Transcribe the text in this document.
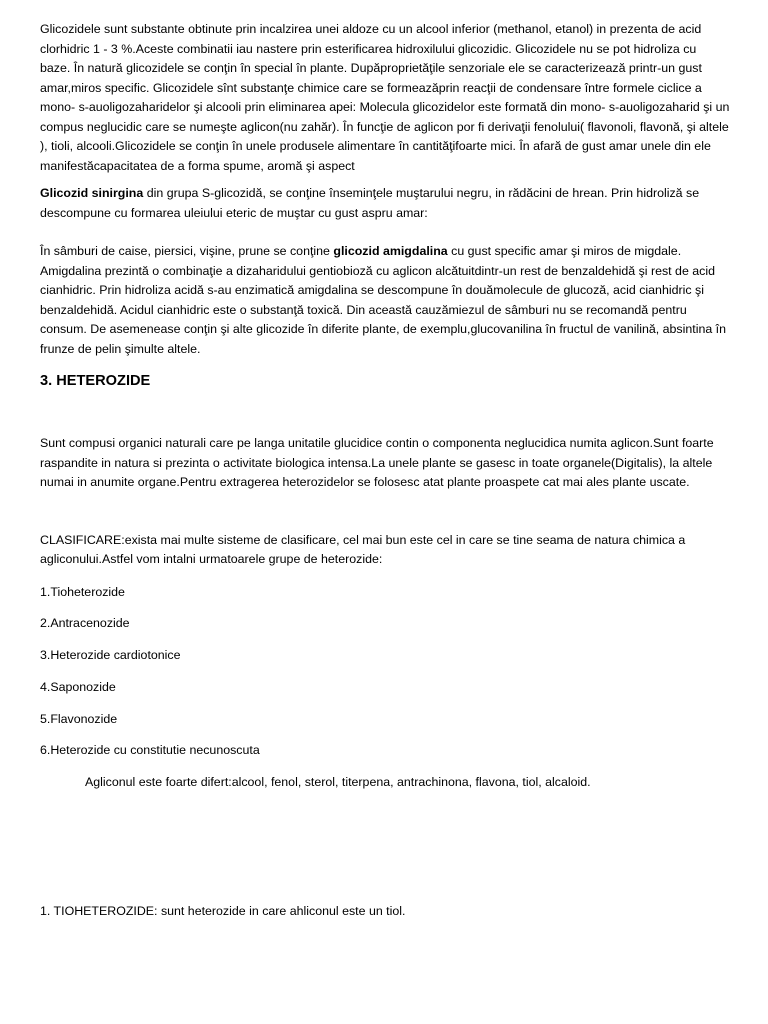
Glicozidele sunt substante obtinute prin incalzirea unei aldoze cu un alcool inferior (methanol, etanol) in prezenta de acid clorhidric 1 - 3 %.Aceste combinatii iau nastere prin esterificarea hidroxilului glicozidic. Glicozidele nu se pot hidroliza cu baze. În natură glicozidele se conţin în special în plante. Dupăproprietăţile senzoriale ele se caracterizează printr-un gust amar,miros specific. Glicozidele sînt substanţe chimice care se formeazăprin reacţii de condensare între formele ciclice a mono- s-auoligozaharidelor şi alcooli prin eliminarea apei: Molecula glicozidelor este formată din mono- s-auoligozaharid şi un compus neglucidic care se numeşte aglicon(nu zahăr). În funcţie de aglicon por fi derivaţii fenolului( flavonoli, flavonă, şi altele ), tioli, alcooli.Glicozidele se conţin în unele produsele alimentare în cantităţifoarte mici. În afară de gust amar unele din ele manifestăcapacitatea de a forma spume, aromă şi aspect

Glicozid sinirgina din grupa S-glicozidă, se conţine înseminţele muştarului negru, in rădăcini de hrean. Prin hidroliză se descompune cu formarea uleiului eteric de muştar cu gust aspru amar:

În sâmburi de caise, piersici, vişine, prune se conţine glicozid amigdalina cu gust specific amar şi miros de migdale. Amigdalina prezintă o combinaţie a dizaharidului gentiobioză cu aglicon alcătuitdintr-un rest de benzaldehidă şi rest de acid cianhidric. Prin hidroliza acidă s-au enzimatică amigdalina se descompune în douămolecule de glucoză, acid cianhidric şi benzaldehidă. Acidul cianhidric este o substanţă toxică. Din această cauzămiezul de sâmburi nu se recomandă pentru consum. De asemenease conţin şi alte glicozide în diferite plante, de exemplu,glucovanilina în fructul de vanilină, absintina în frunze de pelin şimulte altele.

3. HETEROZIDE

Sunt compusi organici naturali care pe langa unitatile glucidice contin o componenta neglucidica numita aglicon.Sunt foarte raspandite in natura si prezinta o activitate biologica intensa.La unele plante se gasesc in toate organele(Digitalis), la altele numai in anumite organe.Pentru extragerea heterozidelor se folosesc atat plante proaspete cat mai ales plante uscate.

CLASIFICARE:exista mai multe sisteme de clasificare, cel mai bun este cel in care se tine seama de natura chimica a agliconului.Astfel vom intalni urmatoarele grupe de heterozide:

1.Tioheterozide

2.Antracenozide

3.Heterozide cardiotonice

4.Saponozide

5.Flavonozide

6.Heterozide cu constitutie necunoscuta

Agliconul este foarte difert:alcool, fenol, sterol, titerpena, antrachinona, flavona, tiol, alcaloid.

1. TIOHETEROZIDE: sunt heterozide in care ahliconul este un tiol.
